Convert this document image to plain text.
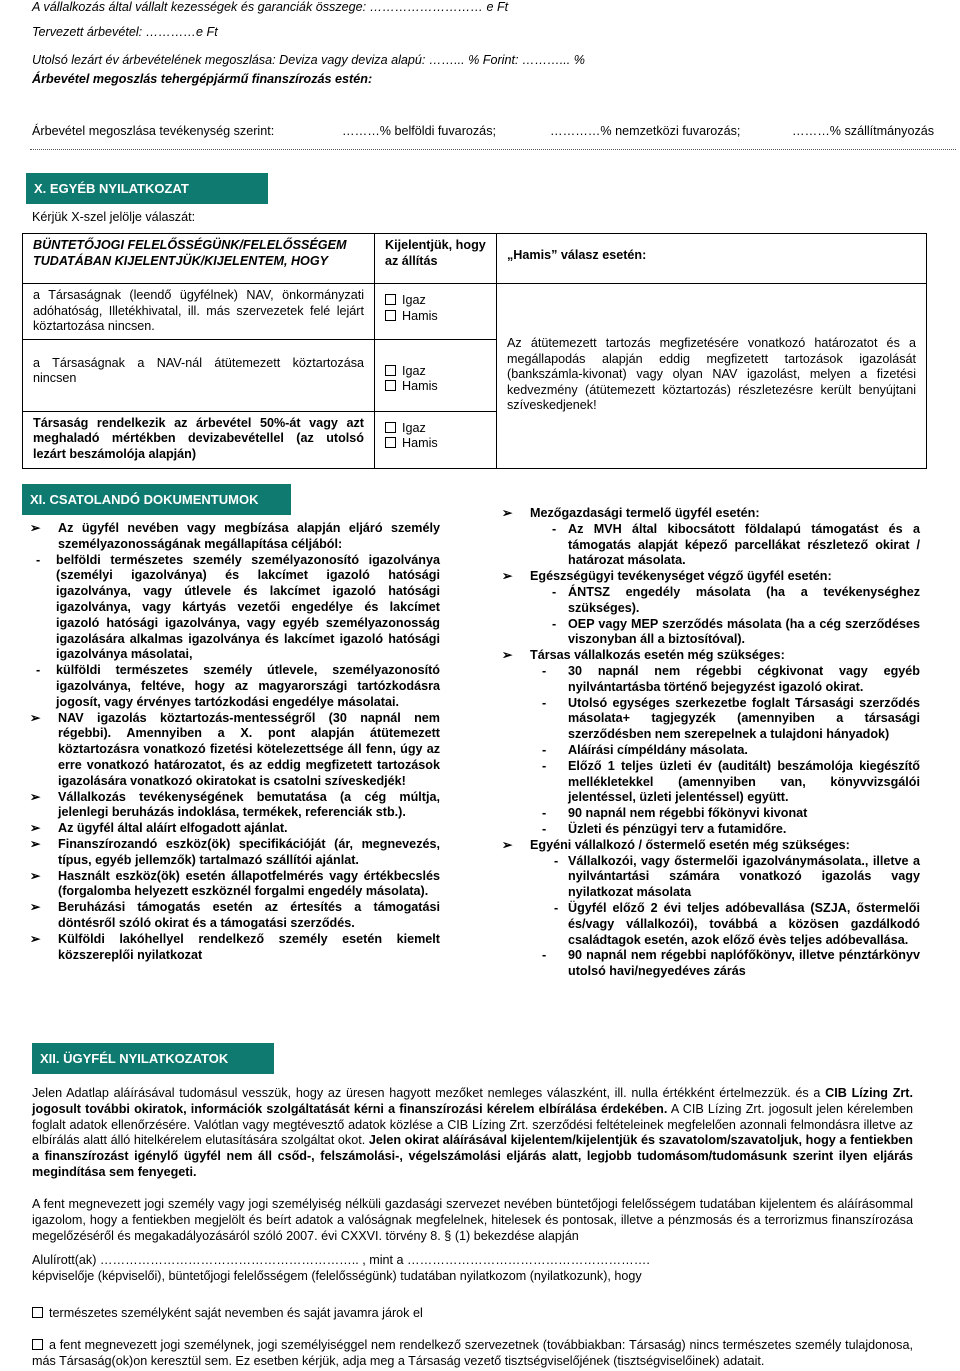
A vállalkozás által vállalt kezességek és garanciák összege: ……………………… e Ft
Tervezett árbevétel: …………e Ft
Utolsó lezárt év árbevételének megoszlása: Deviza vagy deviza alapú: ……... % Forint: ………... %
Árbevétel megoszlás tehergépjármű finanszírozás estén:
Árbevétel megoszlása tevékenység szerint:	………% belföldi fuvarozás;	…………% nemzetközi fuvarozás;	………% szállítmányozás
X. EGYÉB NYILATKOZAT
Kérjük X-szel jelölje válaszát:
BÜNTETŐJOGI FELELŐSSÉGÜNK/FELELŐSSÉGEM TUDATÁBAN KIJELENTJÜK/KIJELENTEM, HOGY	Kijelentjük, hogy az állítás	„Hamis” válasz esetén:
a Társaságnak (leendő ügyfélnek) NAV, önkormányzati adóhatóság, Illetékhivatal, ill. más szervezetek felé lejárt köztartozása nincsen.	Igaz
Hamis	Az átütemezett tartozás megfizetésére vonatkozó határozatot és a megállapodás alapján eddig megfizetett tartozások igazolását (bankszámla-kivonat) vagy olyan NAV igazolást, melyen a fizetési kedvezmény (átütemezett köztartozás) részletezésre került benyújtani szíveskedjenek!

a Társaságnak a NAV-nál átütemezett köztartozása nincsen	Igaz
Hamis	

Társaság rendelkezik az árbevétel 50%-át vagy azt meghaladó mértékben devizabevétellel (az utolsó lezárt beszámolója alapján)	Igaz
Hamis	
XI. CSATOLANDÓ DOKUMENTUMOK
➢ Az ügyfél nevében vagy megbízása alapján eljáró személy személyazonosságának megállapítása céljából:
- belföldi természetes személy személyazonosító igazolványa (személyi igazolványa) és lakcímet igazoló hatósági igazolványa, vagy útlevele és lakcímet igazoló hatósági igazolványa, vagy kártyás vezetői engedélye és lakcímet igazoló hatósági igazolványa, vagy egyéb személyazonosság igazolására alkalmas igazolványa és lakcímet igazoló hatósági igazolványa másolatai,
- külföldi természetes személy útlevele, személyazonosító igazolványa, feltéve, hogy az magyarországi tartózkodásra jogosít, vagy érvényes tartózkodási engedélye másolatai.
➢ NAV igazolás köztartozás-mentességről (30 napnál nem régebbi). Amennyiben a X. pont alapján átütemezett köztartozásra vonatkozó fizetési kötelezettsége áll fenn, úgy az erre vonatkozó határozatot, és az eddig megfizetett tartozások igazolására vonatkozó okiratokat is csatolni szíveskedjék!
➢ Vállalkozás tevékenységének bemutatása (a cég múltja, jelenlegi beruházás indoklása, termékek, referenciák stb.).
➢ Az ügyfél által aláírt elfogadott ajánlat.
➢ Finanszírozandó eszköz(ök) specifikációját (ár, megnevezés, típus, egyéb jellemzők) tartalmazó szállítói ajánlat.
➢ Használt eszköz(ök) esetén állapotfelmérés vagy értékbecslés (forgalomba helyezett eszköznél forgalmi engedély másolata).
➢ Beruházási támogatás esetén az értesítés a támogatási döntésről szóló okirat és a támogatási szerződés.
➢ Külföldi lakóhellyel rendelkező személy esetén kiemelt közszereplői nyilatkozat
➢ Mezőgazdasági termelő ügyfél esetén:
- Az MVH által kibocsátott földalapú támogatást és a támogatás alapját képező parcellákat részletező okirat / határozat másolata.
➢ Egészségügyi tevékenységet végző ügyfél esetén:
- ÁNTSZ engedély másolata (ha a tevékenységhez szükséges).
- OEP vagy MEP szerződés másolata (ha a cég szerződéses viszonyban áll a biztosítóval).
➢ Társas vállalkozás esetén még szükséges:
- 30 napnál nem régebbi cégkivonat vagy egyéb nyilvántartásba történő bejegyzést igazoló okirat.
- Utolsó egységes szerkezetbe foglalt Társasági szerződés másolata+ tagjegyzék (amennyiben a társasági szerződésben nem szerepelnek a tulajdoni hányadok)
- Aláírási címpéldány másolata.
- Előző 1 teljes üzleti év (auditált) beszámolója kiegészítő mellékletekkel (amennyiben van, könyvvizsgálói jelentéssel, üzleti jelentéssel) együtt.
- 90 napnál nem régebbi főkönyvi kivonat
- Üzleti és pénzügyi terv a futamidőre.
➢ Egyéni vállalkozó / őstermelő esetén még szükséges:
- Vállalkozói, vagy őstermelői igazolványmásolata., illetve a nyilvántartási számára vonatkozó igazolás vagy nyilatkozat másolata
- Ügyfél előző 2 évi teljes adóbevallása (SZJA, őstermelői és/vagy vállalkozói), továbbá a közösen gazdálkodó családtagok esetén, azok előző évès teljes adóbevallása.
- 90 napnál nem régebbi naplófőkönyv, illetve pénztárkönyv utolsó havi/negyedéves zárás
XII. ÜGYFÉL NYILATKOZATOK
Jelen Adatlap aláírásával tudomásul vesszük, hogy az üresen hagyott mezőket nemleges válaszként, ill. nulla értékként értelmezzük. és a CIB Lízing Zrt. jogosult további okiratok, információk szolgáltatását kérni a finanszírozási kérelem elbírálása érdekében. A CIB Lízing Zrt. jogosult jelen kérelemben foglalt adatok ellenőrzésére. Valótlan vagy megtévesztő adatok közlése a CIB Lízing Zrt. szerződési feltételeinek megfelelően azonnali felmondásra illetve az elbírálás alatt álló hitelkérelem elutasítására szolgáltat okot. Jelen okirat aláírásával kijelentem/kijelentjük és szavatolom/szavatoljuk, hogy a fentiekben a finanszírozást igénylő ügyfél nem áll csőd-, felszámolási-, végelszámolási eljárás alatt, legjobb tudomásom/tudomásunk szerint ilyen eljárás megindítása sem fenyegeti.
A fent megnevezett jogi személy vagy jogi személyiség nélküli gazdasági szervezet nevében büntetőjogi felelősségem tudatában kijelentem és aláírásommal igazolom, hogy a fentiekben megjelölt és beírt adatok a valóságnak megfelelnek, hitelesek és pontosak, illetve a pénzmosás és a terrorizmus finanszírozása megelőzéséről és megakadályozásáról szóló 2007. évi CXXVI. törvény 8. § (1) bekezdése alapján
Alulírott(ak) …………………………………………………….. , mint a ………………………………………………….
képviselője (képviselői), büntetőjogi felelősségem (felelősségünk) tudatában nyilatkozom (nyilatkozunk), hogy
természetes személyként saját nevemben és saját javamra járok el
a fent megnevezett jogi személynek, jogi személyiséggel nem rendelkező szervezetnek (továbbiakban: Társaság) nincs természetes személy tulajdonosa, más Társaság(ok)on keresztül sem. Ez esetben kérjük, adja meg a Társaság vezető tisztségviselőjének (tisztségviselőinek) adatait.
